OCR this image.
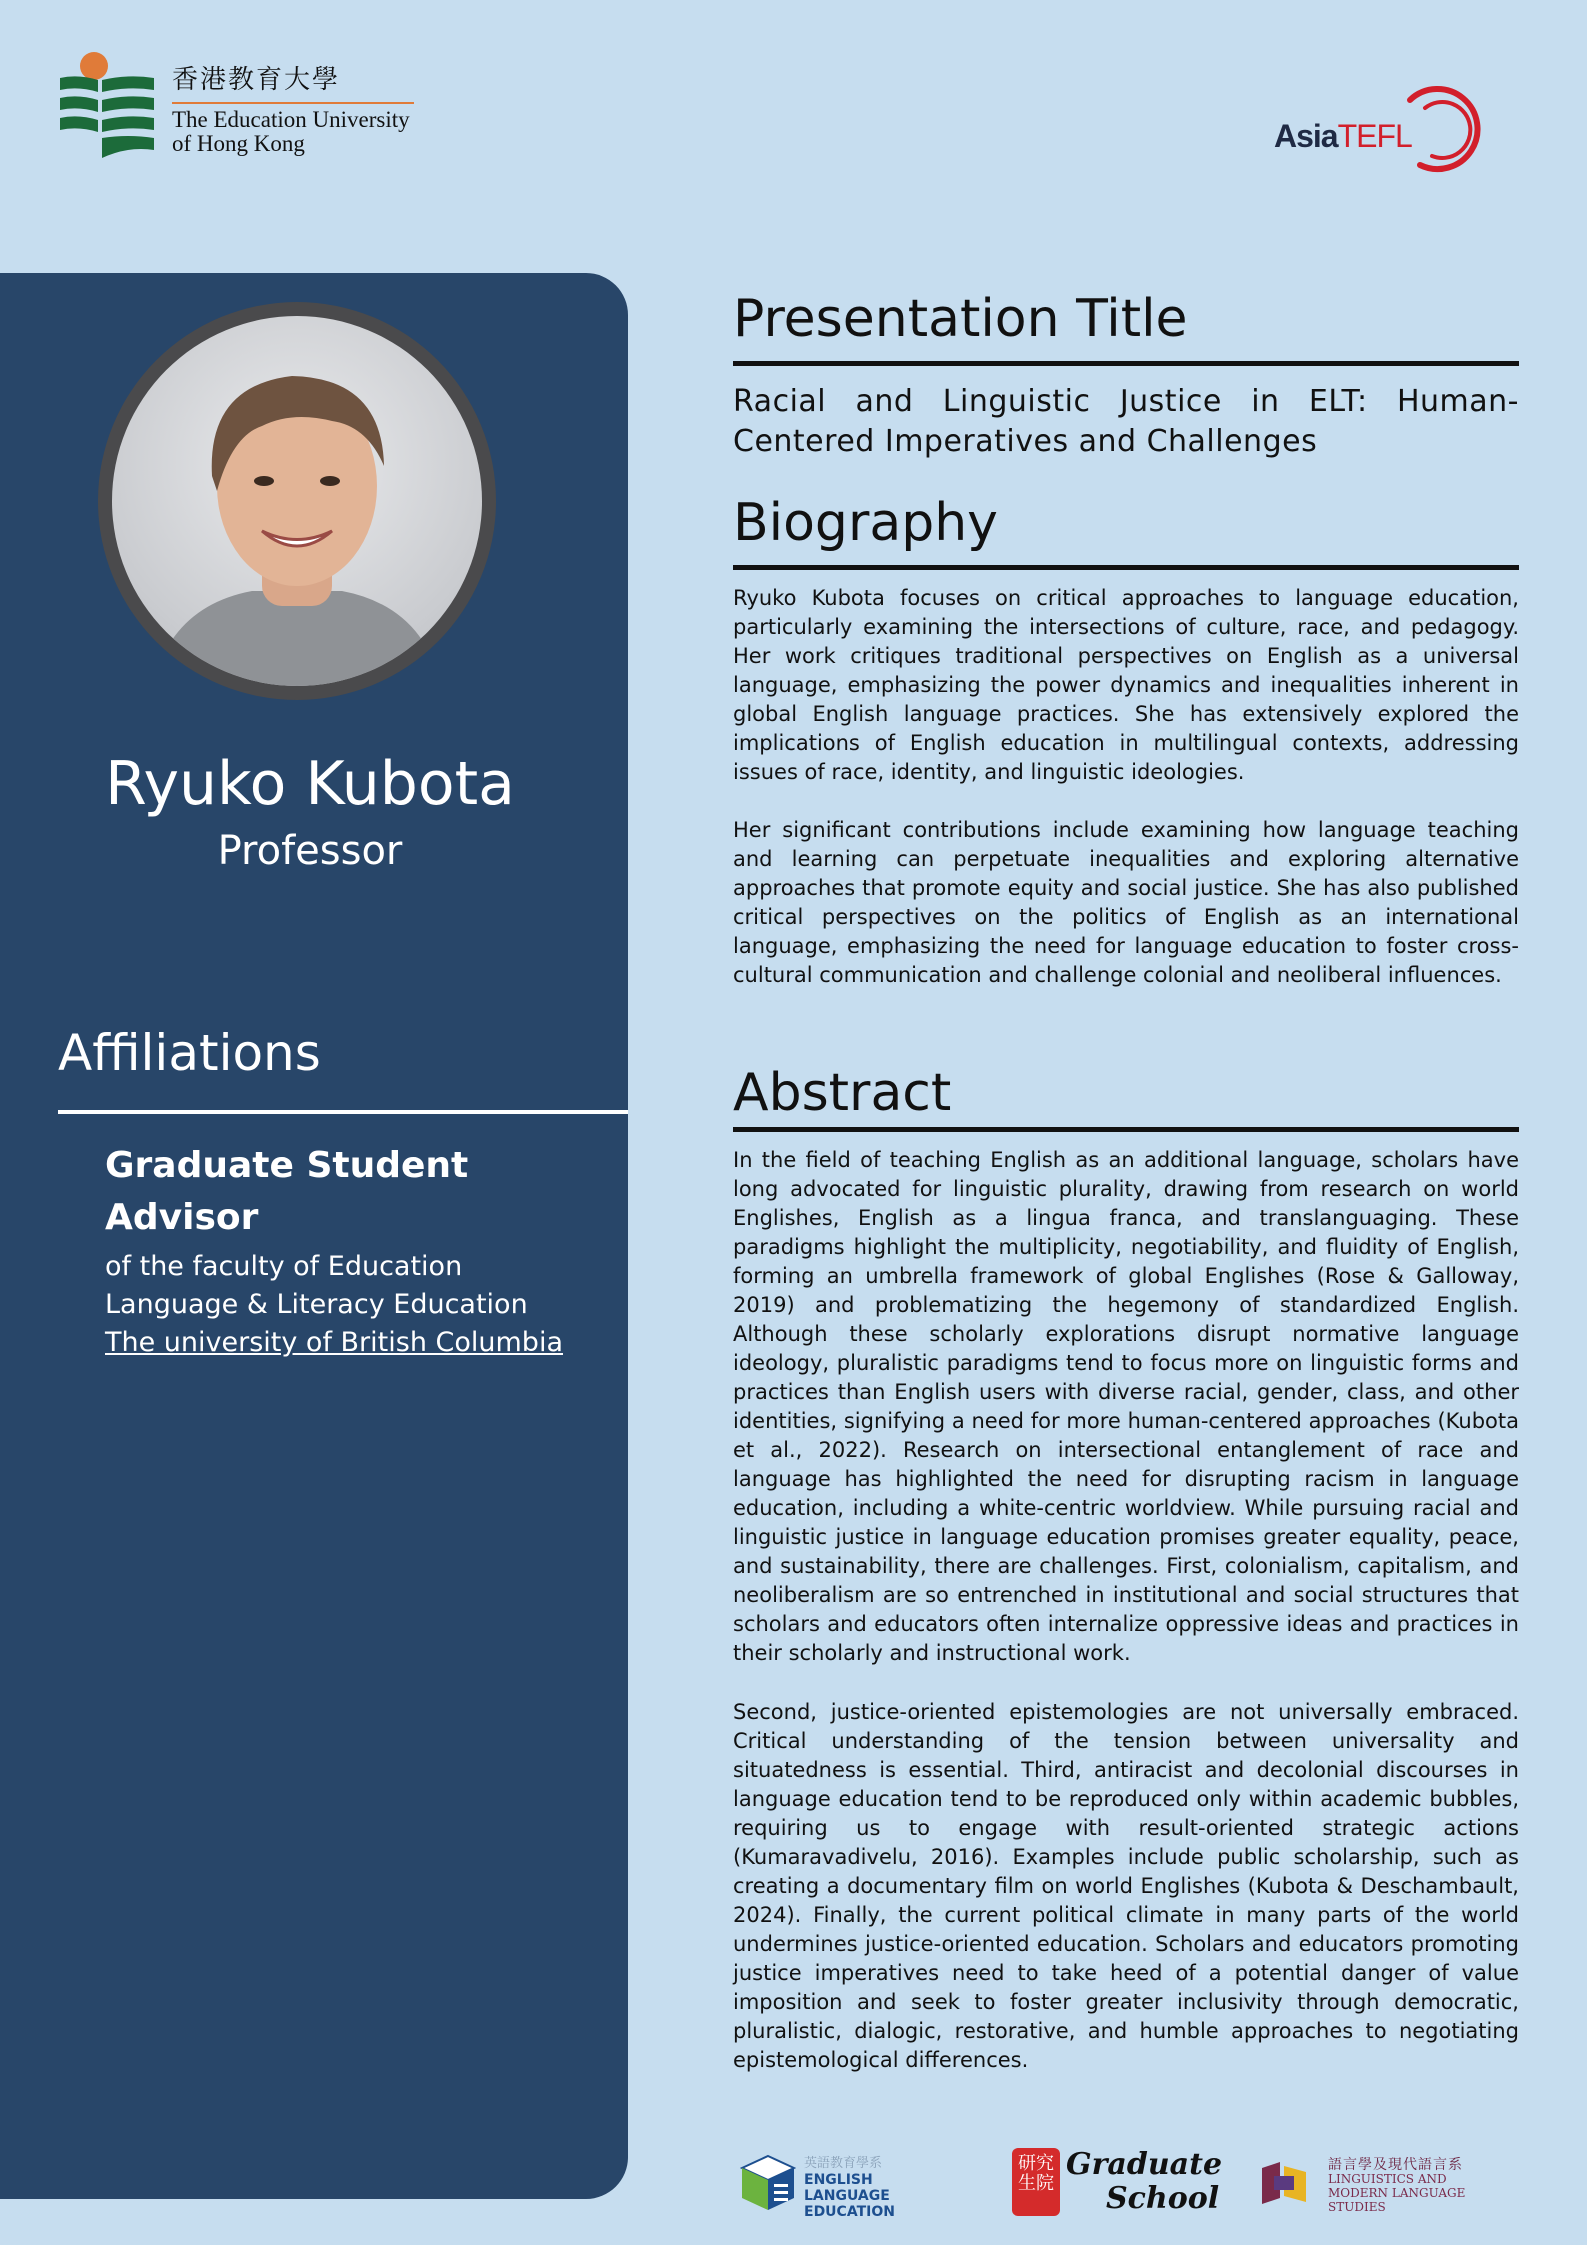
香港教育大學
The Education University
of Hong Kong	AsiaTEFL
Ryuko Kubota
Professor
Affiliations
Graduate Student Advisor
of the faculty of Education
Language & Literacy Education
The university of British Columbia
Presentation Title
Racial and Linguistic Justice in ELT: Human-Centered Imperatives and Challenges
Biography

Ryuko Kubota focuses on critical approaches to language education, particularly examining the intersections of culture, race, and pedagogy. Her work critiques traditional perspectives on English as a universal language, emphasizing the power dynamics and inequalities inherent in global English language practices. She has extensively explored the implications of English education in multilingual contexts, addressing issues of race, identity, and linguistic ideologies.

Her significant contributions include examining how language teaching and learning can perpetuate inequalities and exploring alternative approaches that promote equity and social justice. She has also published critical perspectives on the politics of English as an international language, emphasizing the need for language education to foster cross-cultural communication and challenge colonial and neoliberal influences.

Abstract

In the field of teaching English as an additional language, scholars have long advocated for linguistic plurality, drawing from research on world Englishes, English as a lingua franca, and translanguaging. These paradigms highlight the multiplicity, negotiability, and fluidity of English, forming an umbrella framework of global Englishes (Rose & Galloway, 2019) and problematizing the hegemony of standardized English. Although these scholarly explorations disrupt normative language ideology, pluralistic paradigms tend to focus more on linguistic forms and practices than English users with diverse racial, gender, class, and other identities, signifying a need for more human-centered approaches (Kubota et al., 2022). Research on intersectional entanglement of race and language has highlighted the need for disrupting racism in language education, including a white-centric worldview. While pursuing racial and linguistic justice in language education promises greater equality, peace, and sustainability, there are challenges. First, colonialism, capitalism, and neoliberalism are so entrenched in institutional and social structures that scholars and educators often internalize oppressive ideas and practices in their scholarly and instructional work.

Second, justice-oriented epistemologies are not universally embraced. Critical understanding of the tension between universality and situatedness is essential. Third, antiracist and decolonial discourses in language education tend to be reproduced only within academic bubbles, requiring us to engage with result-oriented strategic actions (Kumaravadivelu, 2016). Examples include public scholarship, such as creating a documentary film on world Englishes (Kubota & Deschambault, 2024). Finally, the current political climate in many parts of the world undermines justice-oriented education. Scholars and educators promoting justice imperatives need to take heed of a potential danger of value imposition and seek to foster greater inclusivity through democratic, pluralistic, dialogic, restorative, and humble approaches to negotiating epistemological differences.

英語教育學系
ENGLISH LANGUAGE
EDUCATION
研究生院
Graduate
School
語言學及現代語言系
LINGUISTICS AND
MODERN LANGUAGE STUDIES
